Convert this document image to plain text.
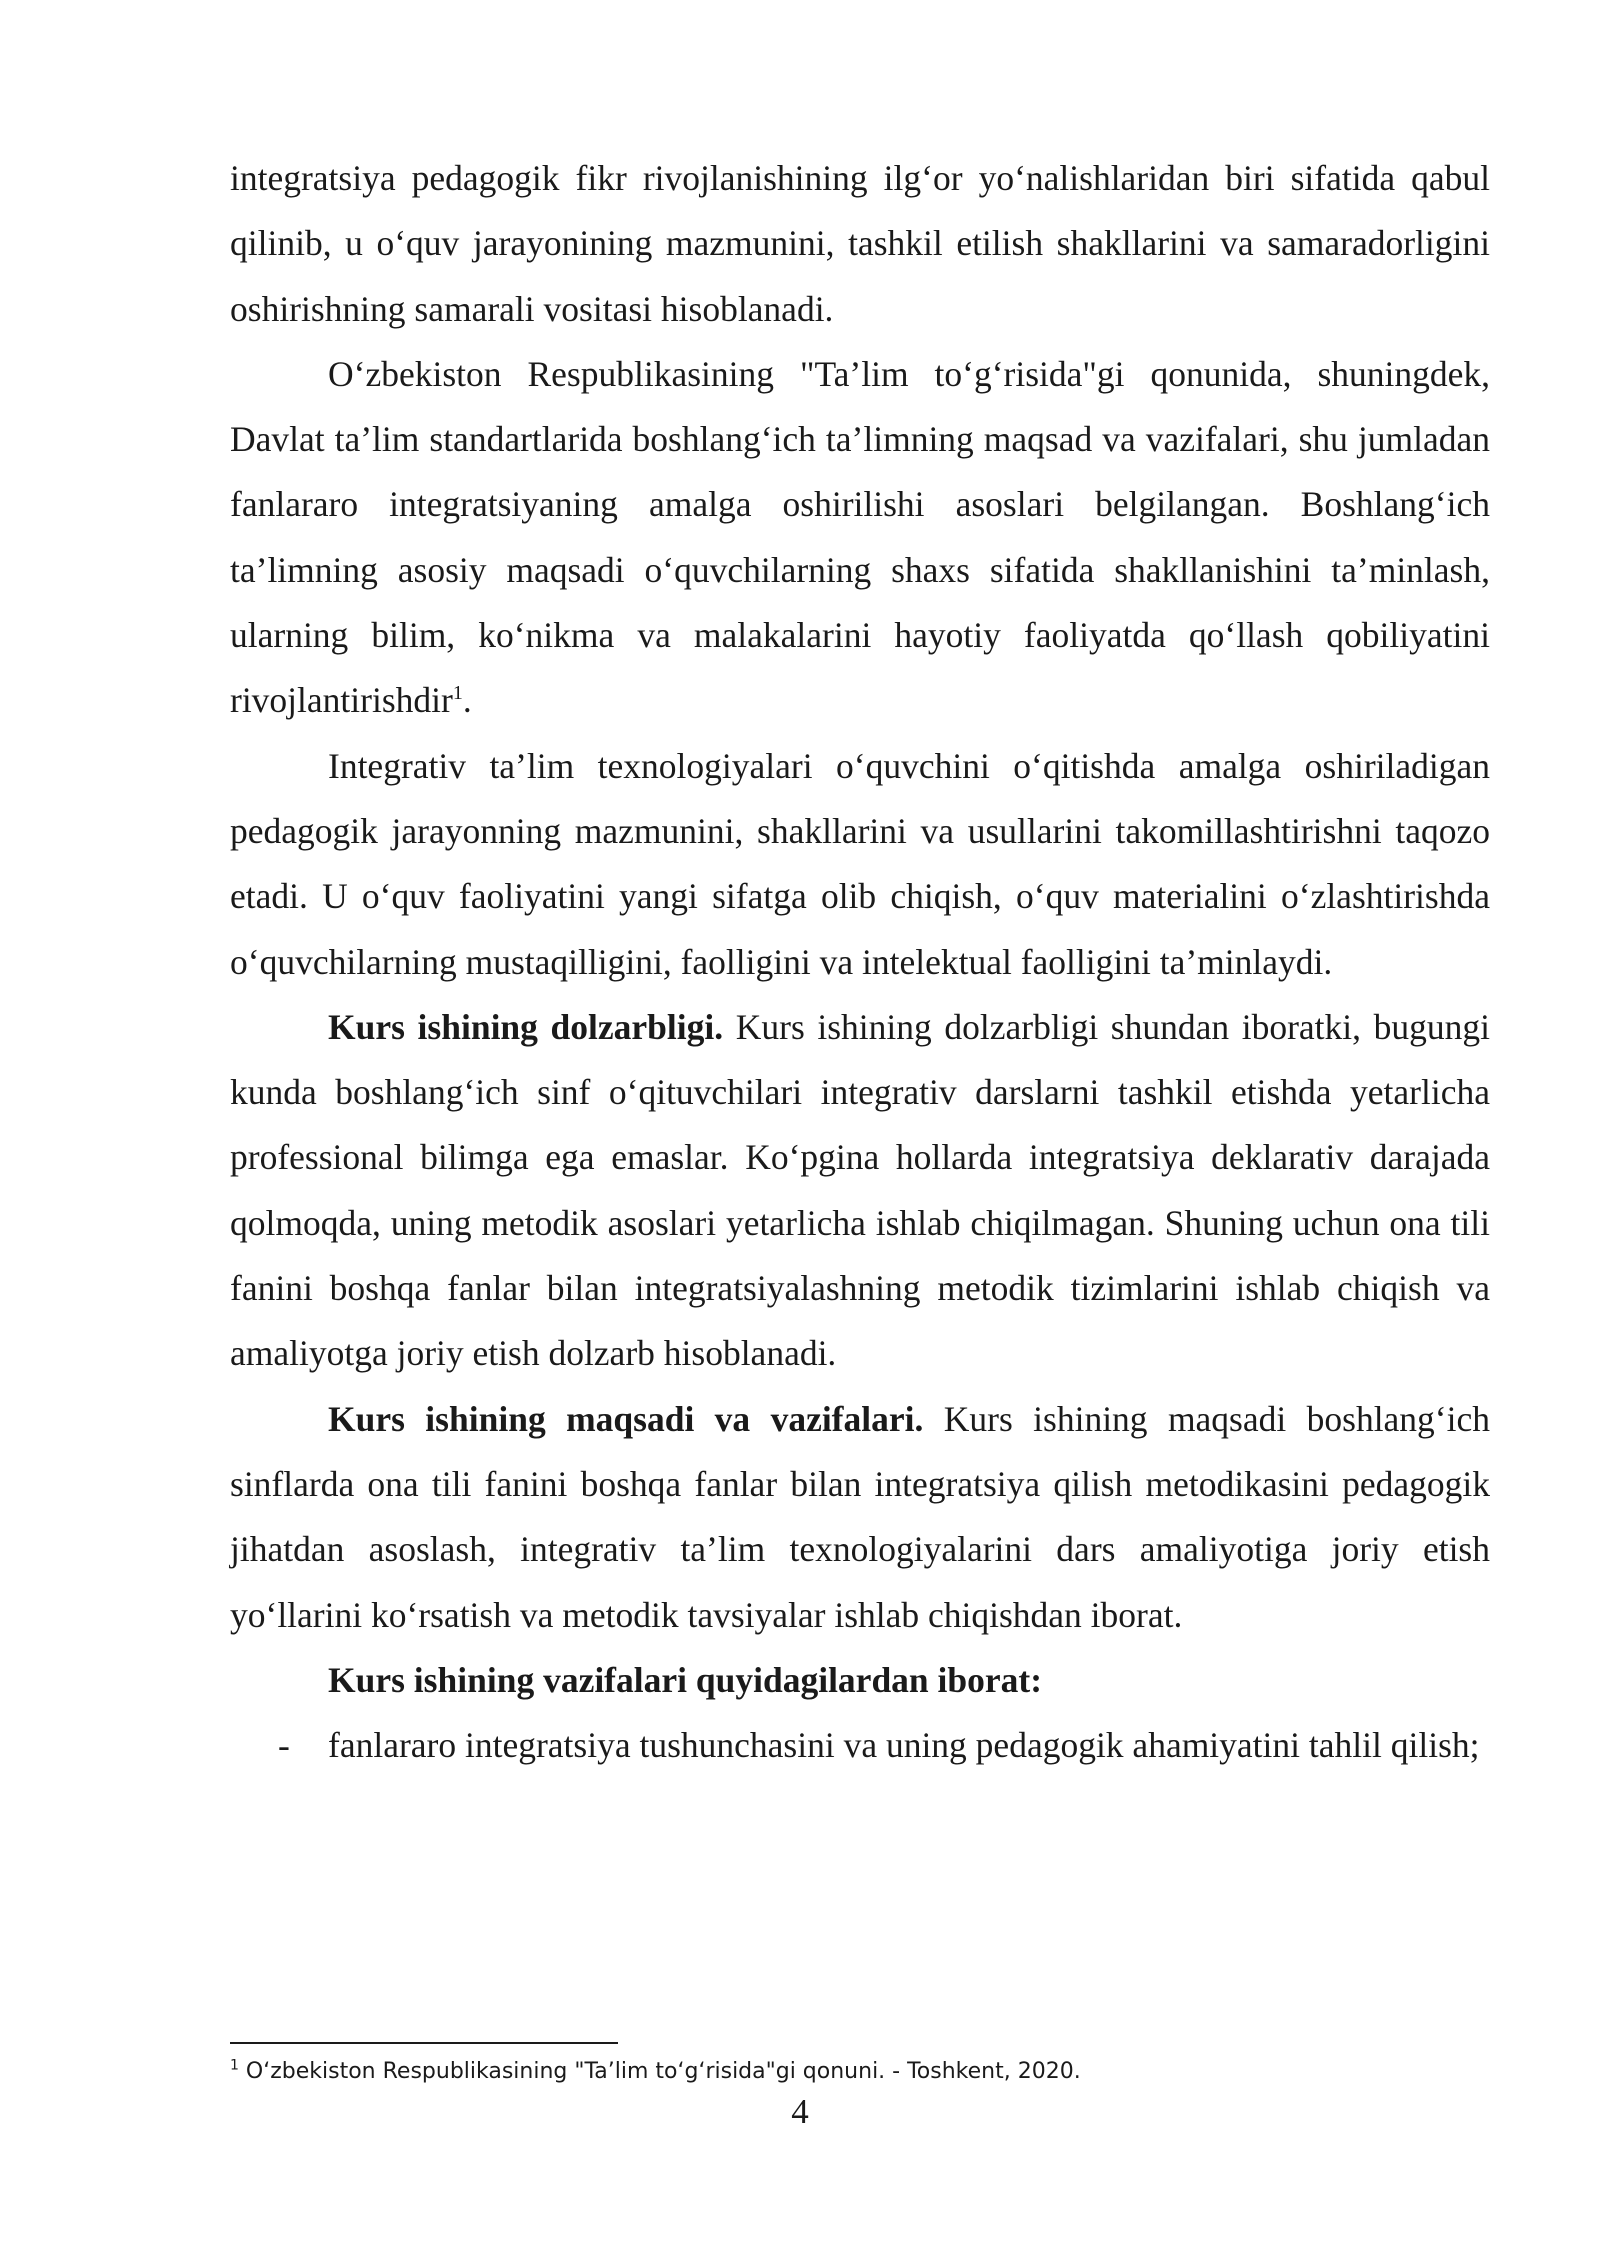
integratsiya pedagogik fikr rivojlanishining ilg‘or yo‘nalishlaridan biri sifatida qabul qilinib, u o‘quv jarayonining mazmunini, tashkil etilish shakllarini va samaradorligini oshirishning samarali vositasi hisoblanadi.

O‘zbekiston Respublikasining "Ta’lim to‘g‘risida"gi qonunida, shuningdek, Davlat ta’lim standartlarida boshlang‘ich ta’limning maqsad va vazifalari, shu jumladan fanlararo integratsiyaning amalga oshirilishi asoslari belgilangan. Boshlang‘ich ta’limning asosiy maqsadi o‘quvchilarning shaxs sifatida shakllanishini ta’minlash, ularning bilim, ko‘nikma va malakalarini hayotiy faoliyatda qo‘llash qobiliyatini rivojlantirishdir$^1$.

Integrativ ta’lim texnologiyalari o‘quvchini o‘qitishda amalga oshiriladigan pedagogik jarayonning mazmunini, shakllarini va usullarini takomillashtirishni taqozo etadi. U o‘quv faoliyatini yangi sifatga olib chiqish, o‘quv materialini o‘zlashtirishda o‘quvchilarning mustaqilligini, faolligini va intelektual faolligini ta’minlaydi.

Kurs ishining dolzarbligi. Kurs ishining dolzarbligi shundan iboratki, bugungi kunda boshlang‘ich sinf o‘qituvchilari integrativ darslarni tashkil etishda yetarlicha professional bilimga ega emaslar. Ko‘pgina hollarda integratsiya deklarativ darajada qolmoqda, uning metodik asoslari yetarlicha ishlab chiqilmagan. Shuning uchun ona tili fanini boshqa fanlar bilan integratsiyalashning metodik tizimlarini ishlab chiqish va amaliyotga joriy etish dolzarb hisoblanadi.

Kurs ishining maqsadi va vazifalari. Kurs ishining maqsadi boshlang‘ich sinflarda ona tili fanini boshqa fanlar bilan integratsiya qilish metodikasini pedagogik jihatdan asoslash, integrativ ta’lim texnologiyalarini dars amaliyotiga joriy etish yo‘llarini ko‘rsatish va metodik tavsiyalar ishlab chiqishdan iborat.

Kurs ishining vazifalari quyidagilardan iborat:

- fanlararo integratsiya tushunchasini va uning pedagogik ahamiyatini tahlil qilish;
$^1$ O‘zbekiston Respublikasining "Ta’lim to‘g‘risida"gi qonuni. - Toshkent, 2020.
4
